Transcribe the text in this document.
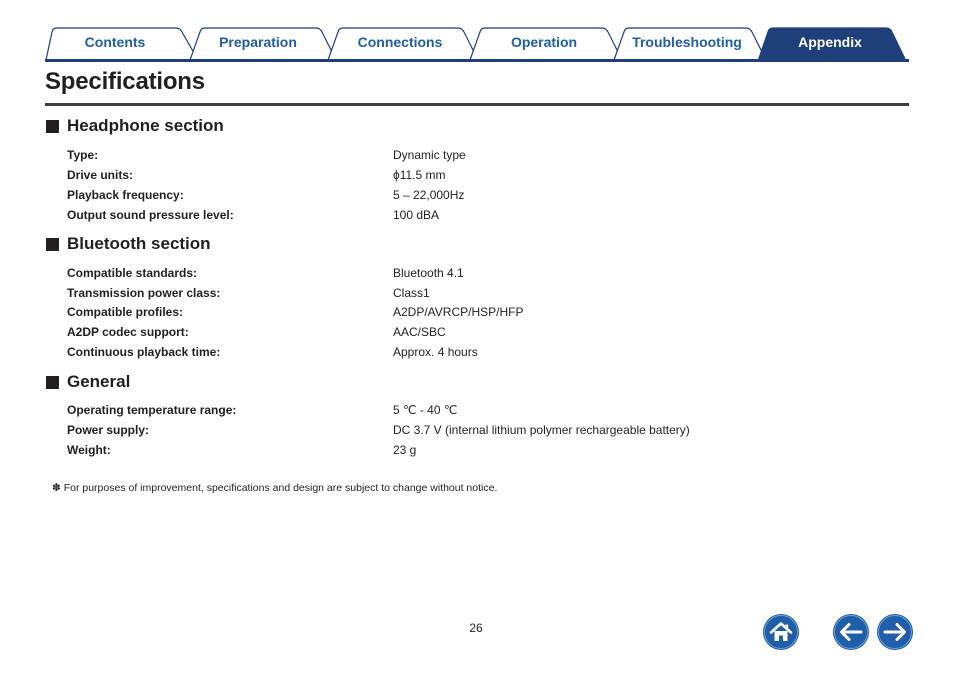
Contents	Preparation	Connections	Operation	Troubleshooting	Appendix
Specifications
Headphone section
Type:	Dynamic type
Drive units:	ϕ11.5 mm
Playback frequency:	5 – 22,000Hz
Output sound pressure level:	100 dBA
Bluetooth section
Compatible standards:	Bluetooth 4.1
Transmission power class:	Class1
Compatible profiles:	A2DP/AVRCP/HSP/HFP
A2DP codec support:	AAC/SBC
Continuous playback time:	Approx. 4 hours
General
Operating temperature range:	5 ℃ - 40 ℃
Power supply:	DC 3.7 V (internal lithium polymer rechargeable battery)
Weight:	23 g
✽ For purposes of improvement, specifications and design are subject to change without notice.
26
